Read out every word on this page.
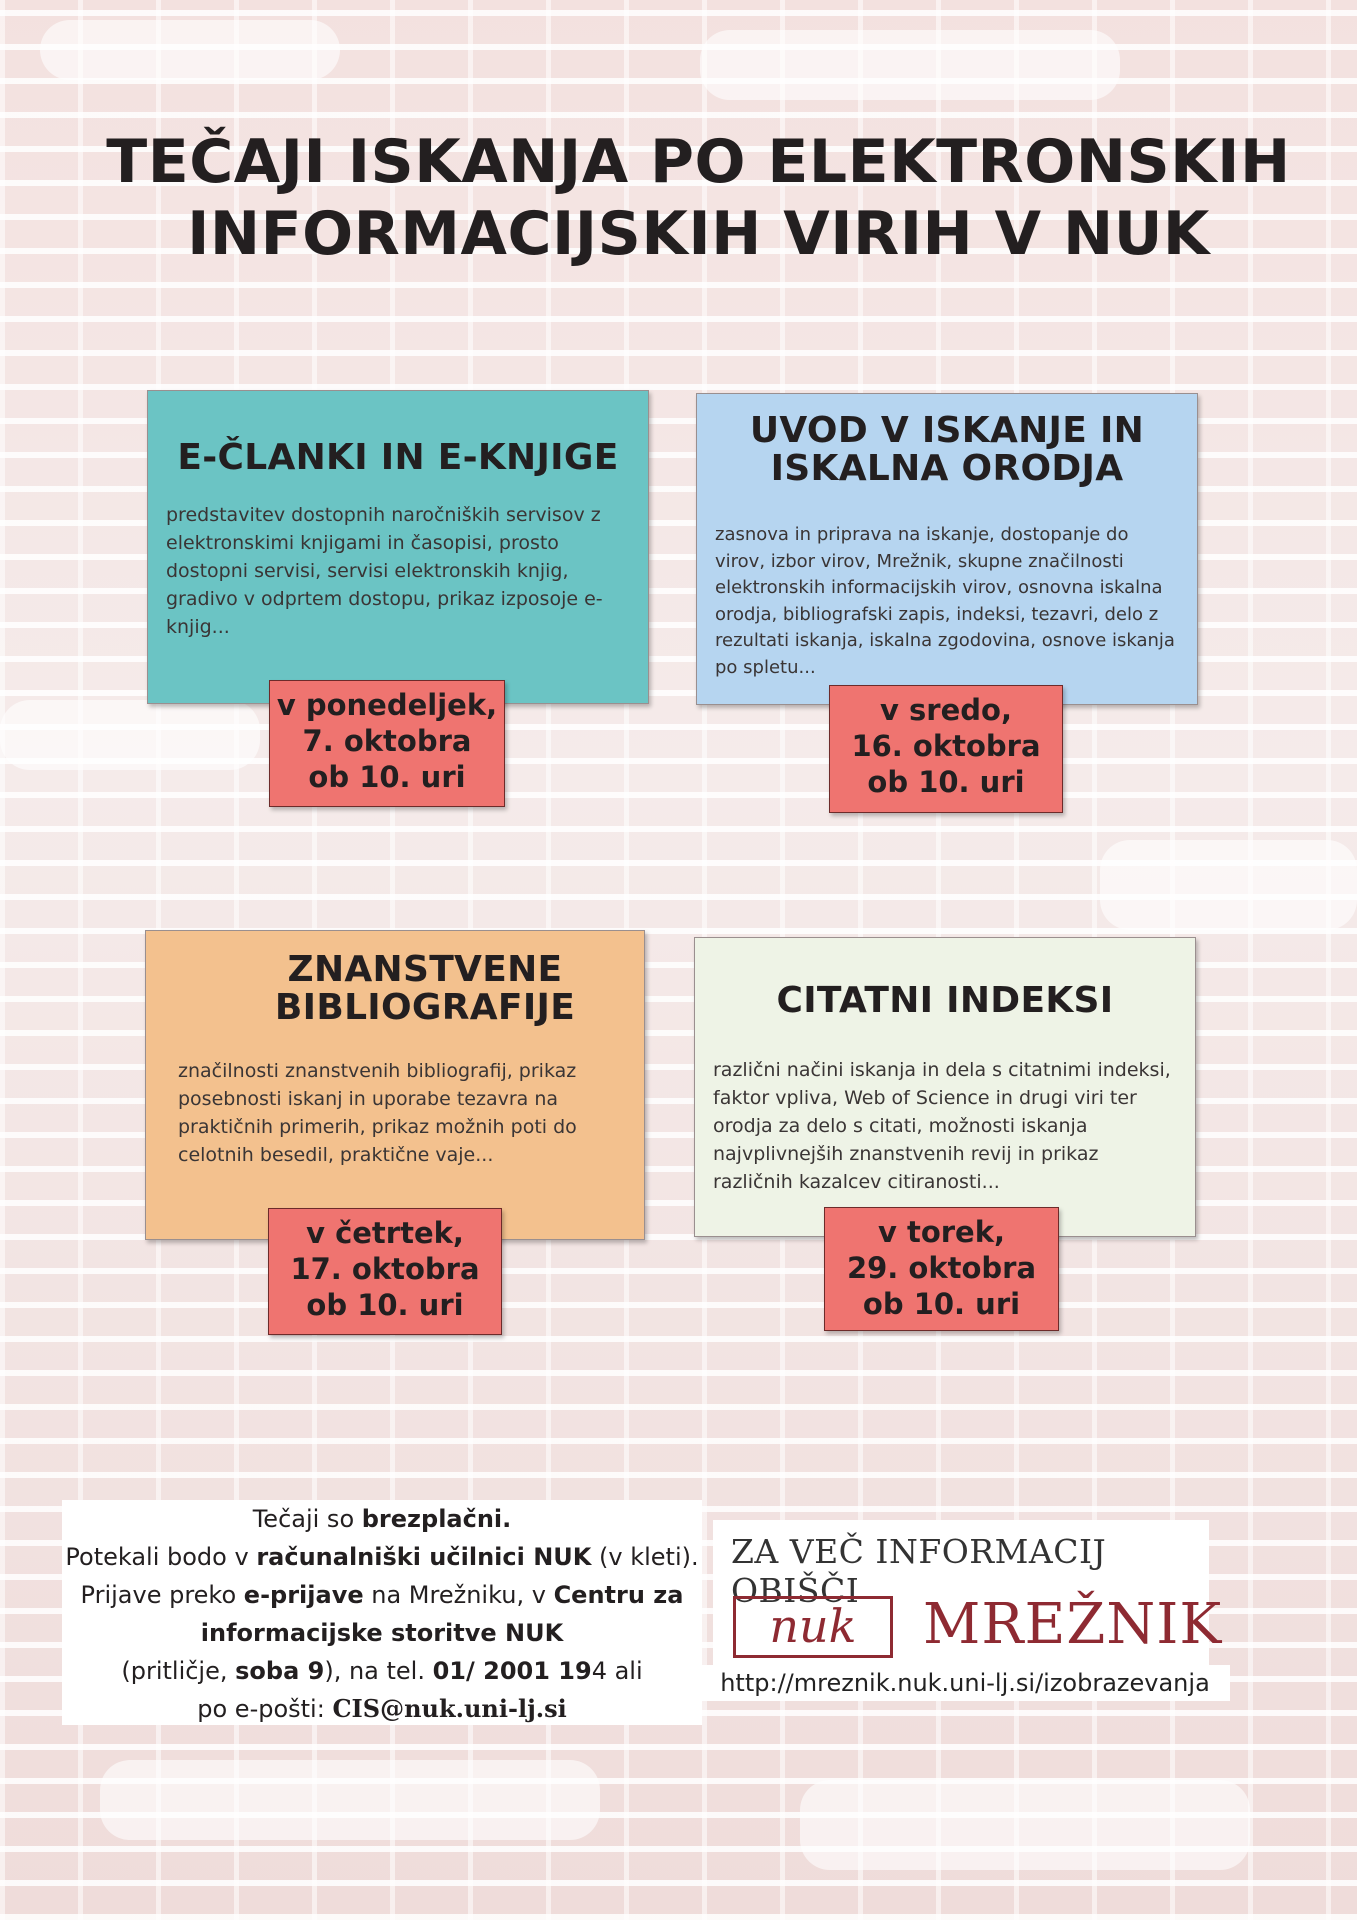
TEČAJI ISKANJA PO ELEKTRONSKIH
INFORMACIJSKIH VIRIH V NUK
E-ČLANKI IN E-KNJIGE

predstavitev dostopnih naročniških servisov z elektronskimi knjigami in časopisi, prosto dostopni servisi, servisi elektronskih knjig, gradivo v odprtem dostopu, prikaz izposoje e-knjig...

v ponedeljek,
7. oktobra
ob 10. uri
UVOD V ISKANJE IN
ISKALNA ORODJA

zasnova in priprava na iskanje, dostopanje do virov, izbor virov, Mrežnik, skupne značilnosti elektronskih informacijskih virov, osnovna iskalna orodja, bibliografski zapis, indeksi, tezavri, delo z rezultati iskanja, iskalna zgodovina, osnove iskanja po spletu...

v sredo,
16. oktobra
ob 10. uri
ZNANSTVENE
BIBLIOGRAFIJE

značilnosti znanstvenih bibliografij, prikaz posebnosti iskanj in uporabe tezavra na praktičnih primerih, prikaz možnih poti do celotnih besedil, praktične vaje...

v četrtek,
17. oktobra
ob 10. uri
CITATNI INDEKSI

različni načini iskanja in dela s citatnimi indeksi, faktor vpliva, Web of Science in drugi viri ter orodja za delo s citati, možnosti iskanja najvplivnejših znanstvenih revij in prikaz različnih kazalcev citiranosti...

v torek,
29. oktobra
ob 10. uri
Tečaji so brezplačni.
Potekali bodo v računalniški učilnici NUK (v kleti).
Prijave preko e-prijave na Mrežniku, v Centru za
informacijske storitve NUK
(pritličje, soba 9), na tel. 01/ 2001 194 ali
po e-pošti: CIS@nuk.uni-lj.si
ZA VEČ INFORMACIJ OBIŠČI
nuk	MREŽNIK
http://mreznik.nuk.uni-lj.si/izobrazevanja
